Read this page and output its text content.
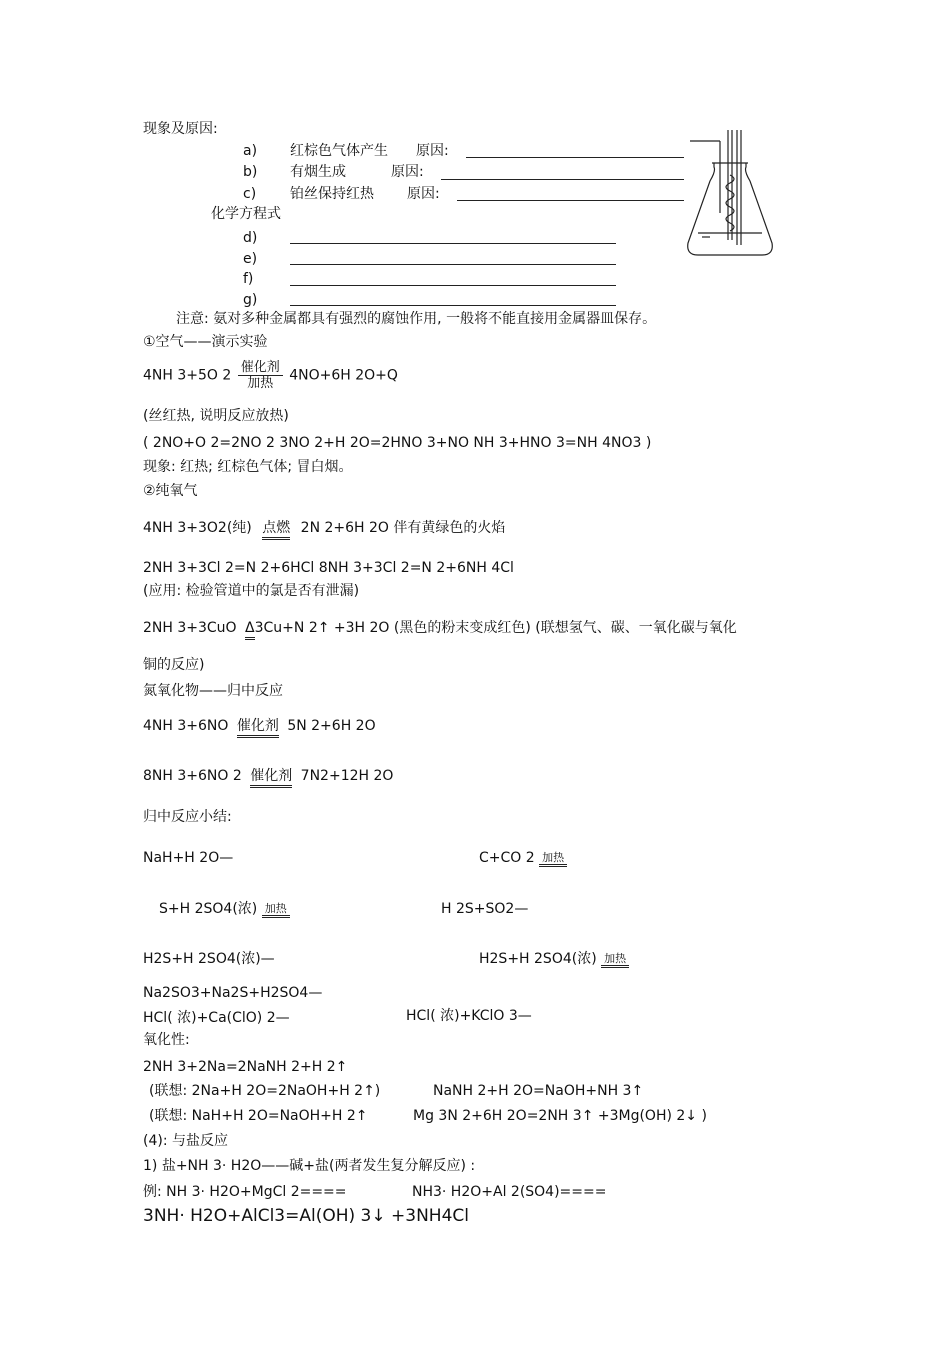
现象及原因:
a) 红棕色气体产生 原因:
b) 有烟生成	原因:
c) 铂丝保持红热 原因:
化学方程式
d)
e)
f)
g)
注意: 氨对多种金属都具有强烈的腐蚀作用, 一般将不能直接用金属器皿保存。
①空气——演示实验
4NH 3+5O $2 \frac{\text{催化剂}}{\text{加热}} 4NO+6H$ 2O+Q
(丝红热, 说明反应放热)
( 2NO+O 2=2NO 2 3NO 2+H 2O=2HNO 3+NO NH 3+HNO 3=NH 4NO3 )
现象: 红热; 红棕色气体; 冒白烟。
②纯氧气
4NH 3+3O2(纯) 点燃 2N 2+6H 2O 伴有黄绿色的火焰
2NH 3+3Cl 2=N 2+6HCl 8NH 3+3Cl 2=N 2+6NH 4Cl
(应用: 检验管道中的氯是否有泄漏)
2NH 3+3CuO Δ3Cu+N 2↑ +3H 2O (黑色的粉末变成红色) (联想氢气、碳、一氧化碳与氧化
铜的反应)
氮氧化物——归中反应
4NH 3+6NO 催化剂 5N 2+6H 2O
8NH 3+6NO 2 催化剂 7N2+12H 2O
归中反应小结:
NaH+H 2O—	C+CO 2 加热
S+H 2SO4(浓) 加热	H 2S+SO2—
H2S+H 2SO4(浓)—	H2S+H 2SO4(浓) 加热
Na2SO3+Na2S+H2SO4—
HCl( 浓)+Ca(ClO) 2—	HCl( 浓)+KClO 3—
氧化性:
2NH 3+2Na=2NaNH 2+H 2↑
(联想: 2Na+H 2O=2NaOH+H 2↑)	NaNH 2+H 2O=NaOH+NH 3↑
(联想: NaH+H 2O=NaOH+H 2↑	Mg 3N 2+6H 2O=2NH 3↑ +3Mg(OH) 2↓ )
(4): 与盐反应
1) 盐+NH 3· H2O——碱+盐(两者发生复分解反应) :
例: NH 3· H2O+MgCl 2====	NH3· H2O+Al 2(SO4)====
3NH· H2O+AlCl3=Al(OH) 3↓ +3NH4Cl
